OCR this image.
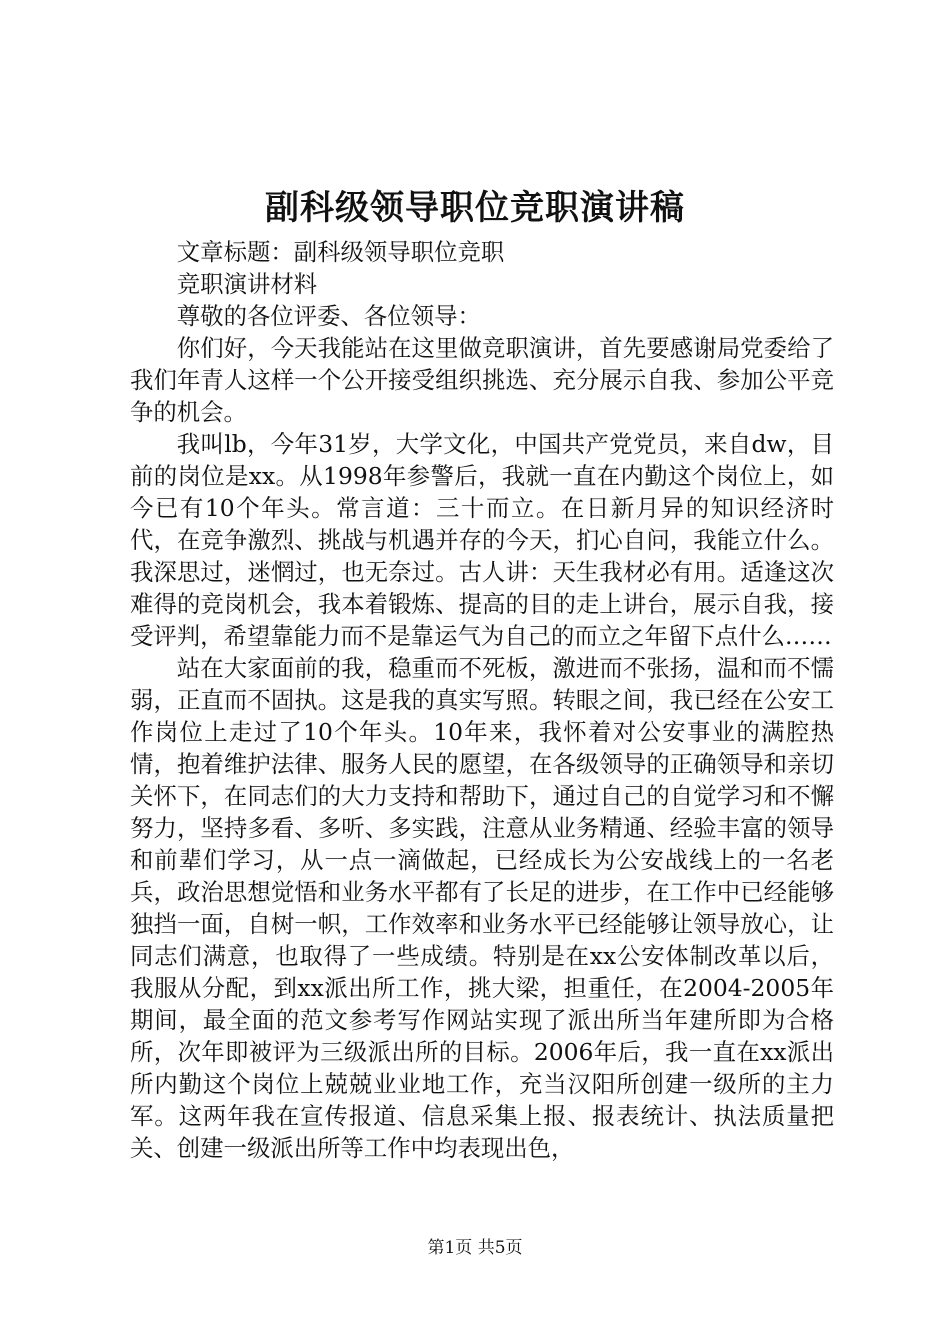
副科级领导职位竞职演讲稿

文章标题：副科级领导职位竞职

竞职演讲材料

尊敬的各位评委、各位领导：

你们好，今天我能站在这里做竞职演讲，首先要感谢局党委给了我们年青人这样一个公开接受组织挑选、充分展示自我、参加公平竞争的机会。

我叫lb，今年31岁，大学文化，中国共产党党员，来自dw，目前的岗位是xx。从1998年参警后，我就一直在内勤这个岗位上，如今已有10个年头。常言道：三十而立。在日新月异的知识经济时代，在竞争激烈、挑战与机遇并存的今天，扪心自问，我能立什么。我深思过，迷惘过，也无奈过。古人讲：天生我材必有用。适逢这次难得的竞岗机会，我本着锻炼、提高的目的走上讲台，展示自我，接受评判，希望靠能力而不是靠运气为自己的而立之年留下点什么……

站在大家面前的我，稳重而不死板，激进而不张扬，温和而不懦弱，正直而不固执。这是我的真实写照。转眼之间，我已经在公安工作岗位上走过了10个年头。10年来，我怀着对公安事业的满腔热情，抱着维护法律、服务人民的愿望，在各级领导的正确领导和亲切关怀下，在同志们的大力支持和帮助下，通过自己的自觉学习和不懈努力，坚持多看、多听、多实践，注意从业务精通、经验丰富的领导和前辈们学习，从一点一滴做起，已经成长为公安战线上的一名老兵，政治思想觉悟和业务水平都有了长足的进步，在工作中已经能够独挡一面，自树一帜，工作效率和业务水平已经能够让领导放心，让同志们满意，也取得了一些成绩。特别是在xx公安体制改革以后，我服从分配，到xx派出所工作，挑大梁，担重任，在2004-2005年期间，最全面的范文参考写作网站实现了派出所当年建所即为合格所，次年即被评为三级派出所的目标。2006年后，我一直在xx派出所内勤这个岗位上兢兢业业地工作，充当汉阳所创建一级所的主力军。这两年我在宣传报道、信息采集上报、报表统计、执法质量把关、创建一级派出所等工作中均表现出色，

第1页 共5页
